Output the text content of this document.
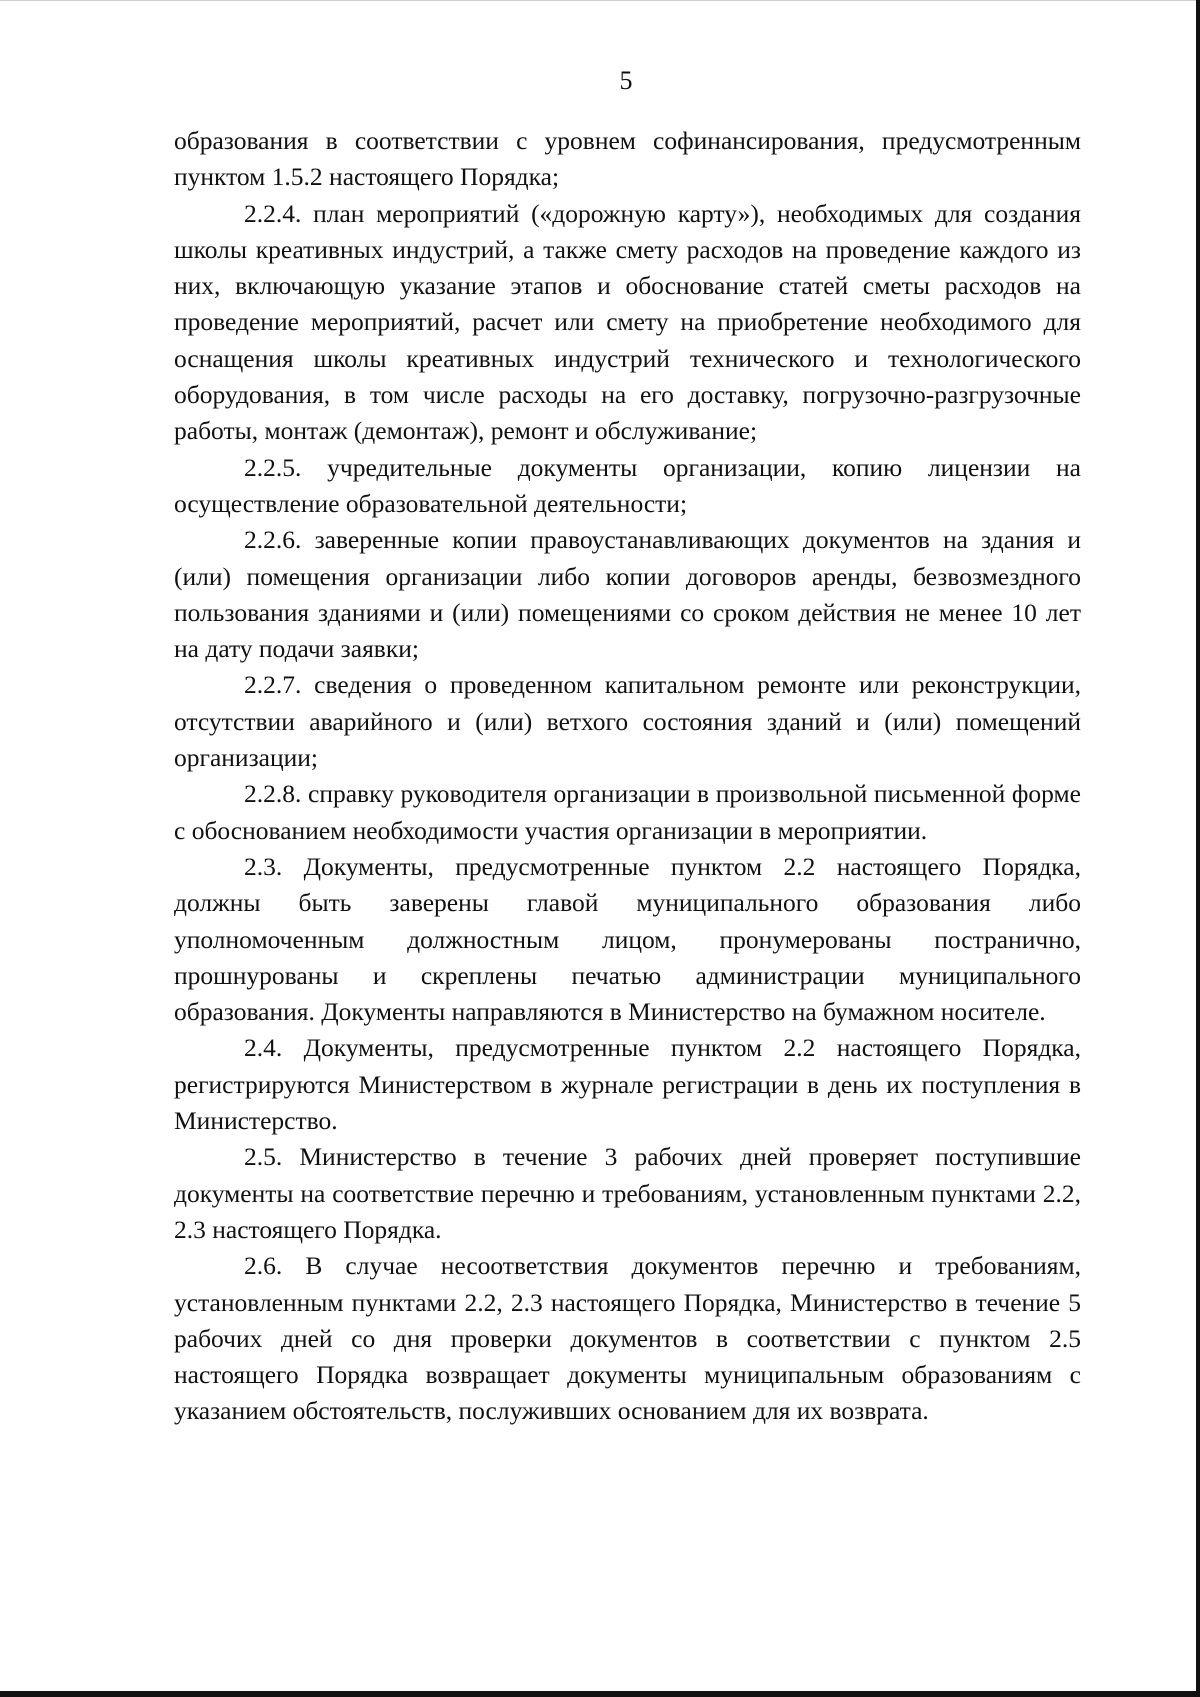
5

образования в соответствии с уровнем софинансирования, предусмотренным пунктом 1.5.2 настоящего Порядка;

2.2.4. план мероприятий («дорожную карту»), необходимых для создания школы креативных индустрий, а также смету расходов на проведение каждого из них, включающую указание этапов и обоснование статей сметы расходов на проведение мероприятий, расчет или смету на приобретение необходимого для оснащения школы креативных индустрий технического и технологического оборудования, в том числе расходы на его доставку, погрузочно-разгрузочные работы, монтаж (демонтаж), ремонт и обслуживание;

2.2.5. учредительные документы организации, копию лицензии на осуществление образовательной деятельности;

2.2.6. заверенные копии правоустанавливающих документов на здания и (или) помещения организации либо копии договоров аренды, безвозмездного пользования зданиями и (или) помещениями со сроком действия не менее 10 лет на дату подачи заявки;

2.2.7. сведения о проведенном капитальном ремонте или реконструкции, отсутствии аварийного и (или) ветхого состояния зданий и (или) помещений организации;

2.2.8. справку руководителя организации в произвольной письменной форме с обоснованием необходимости участия организации в мероприятии.

2.3. Документы, предусмотренные пунктом 2.2 настоящего Порядка, должны быть заверены главой муниципального образования либо уполномоченным должностным лицом, пронумерованы постранично, прошнурованы и скреплены печатью администрации муниципального образования. Документы направляются в Министерство на бумажном носителе.

2.4. Документы, предусмотренные пунктом 2.2 настоящего Порядка, регистрируются Министерством в журнале регистрации в день их поступления в Министерство.

2.5. Министерство в течение 3 рабочих дней проверяет поступившие документы на соответствие перечню и требованиям, установленным пунктами 2.2, 2.3 настоящего Порядка.

2.6. В случае несоответствия документов перечню и требованиям, установленным пунктами 2.2, 2.3 настоящего Порядка, Министерство в течение 5 рабочих дней со дня проверки документов в соответствии с пунктом 2.5 настоящего Порядка возвращает документы муниципальным образованиям с указанием обстоятельств, послуживших основанием для их возврата.
